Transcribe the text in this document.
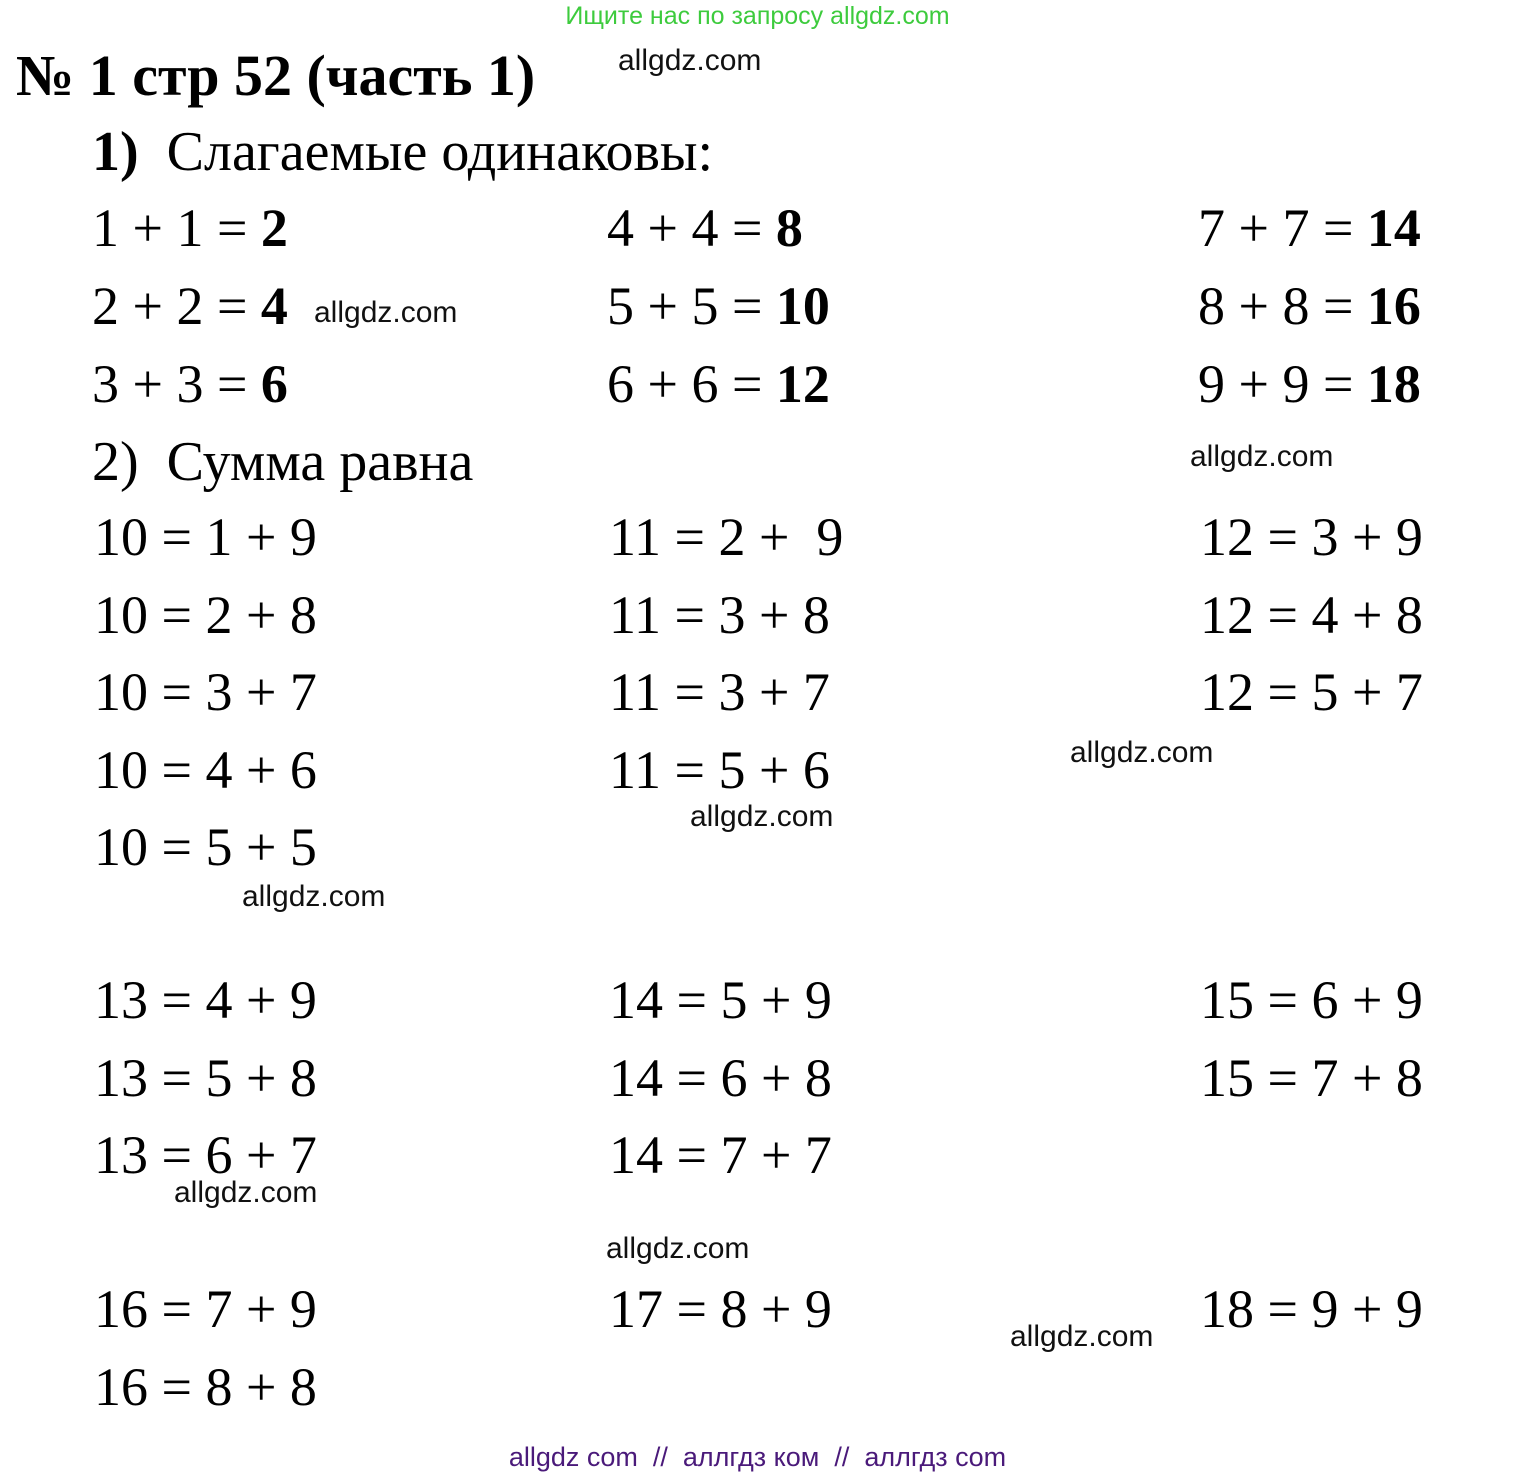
Ищите нас по запросу allgdz.com
№ 1 стр 52 (часть 1)
1) Слагаемые одинаковы:
2) Сумма равна
1 + 1 = 2
2 + 2 = 4
3 + 3 = 6
4 + 4 = 8
5 + 5 = 10
6 + 6 = 12
7 + 7 = 14
8 + 8 = 16
9 + 9 = 18
10 = 1 + 9
10 = 2 + 8
10 = 3 + 7
10 = 4 + 6
10 = 5 + 5
11 = 2 +  9
11 = 3 + 8
11 = 3 + 7
11 = 5 + 6
12 = 3 + 9
12 = 4 + 8
12 = 5 + 7
13 = 4 + 9
13 = 5 + 8
13 = 6 + 7
14 = 5 + 9
14 = 6 + 8
14 = 7 + 7
15 = 6 + 9
15 = 7 + 8
16 = 7 + 9
16 = 8 + 8
17 = 8 + 9	18 = 9 + 9
allgdz.com
allgdz.com
allgdz.com
allgdz.com
allgdz.com
allgdz.com
allgdz.com
allgdz.com
allgdz.com
allgdz com  //  аллгдз ком  //  аллгдз com
